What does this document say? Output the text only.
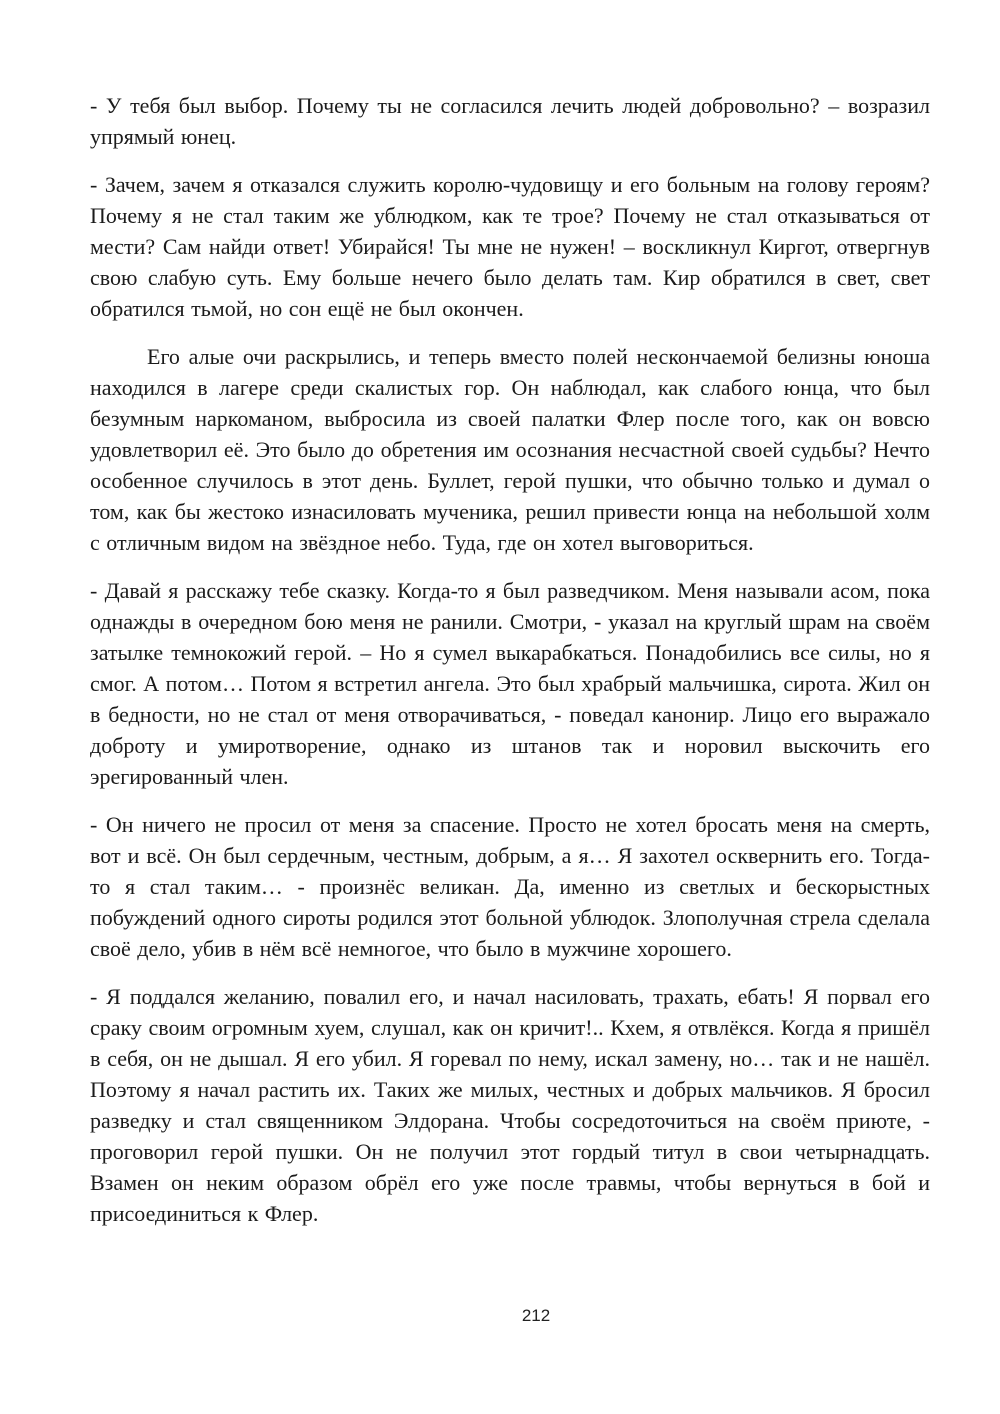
- У тебя был выбор. Почему ты не согласился лечить людей добровольно? – возразил упрямый юнец.

- Зачем, зачем я отказался служить королю-чудовищу и его больным на голову героям? Почему я не стал таким же ублюдком, как те трое? Почему не стал отказываться от мести? Сам найди ответ! Убирайся! Ты мне не нужен! – воскликнул Киргот, отвергнув свою слабую суть. Ему больше нечего было делать там. Кир обратился в свет, свет обратился тьмой, но сон ещё не был окончен.

Его алые очи раскрылись, и теперь вместо полей нескончаемой белизны юноша находился в лагере среди скалистых гор. Он наблюдал, как слабого юнца, что был безумным наркоманом, выбросила из своей палатки Флер после того, как он вовсю удовлетворил её. Это было до обретения им осознания несчастной своей судьбы? Нечто особенное случилось в этот день. Буллет, герой пушки, что обычно только и думал о том, как бы жестоко изнасиловать мученика, решил привести юнца на небольшой холм с отличным видом на звёздное небо. Туда, где он хотел выговориться.

- Давай я расскажу тебе сказку. Когда-то я был разведчиком. Меня называли асом, пока однажды в очередном бою меня не ранили. Смотри, - указал на круглый шрам на своём затылке темнокожий герой. – Но я сумел выкарабкаться. Понадобились все силы, но я смог. А потом… Потом я встретил ангела. Это был храбрый мальчишка, сирота. Жил он в бедности, но не стал от меня отворачиваться, - поведал канонир. Лицо его выражало доброту и умиротворение, однако из штанов так и норовил выскочить его эрегированный член.

- Он ничего не просил от меня за спасение. Просто не хотел бросать меня на смерть, вот и всё. Он был сердечным, честным, добрым, а я… Я захотел осквернить его. Тогда-то я стал таким… - произнёс великан. Да, именно из светлых и бескорыстных побуждений одного сироты родился этот больной ублюдок. Злополучная стрела сделала своё дело, убив в нём всё немногое, что было в мужчине хорошего.

- Я поддался желанию, повалил его, и начал насиловать, трахать, ебать! Я порвал его сраку своим огромным хуем, слушал, как он кричит!.. Кхем, я отвлёкся. Когда я пришёл в себя, он не дышал. Я его убил. Я горевал по нему, искал замену, но… так и не нашёл. Поэтому я начал растить их. Таких же милых, честных и добрых мальчиков. Я бросил разведку и стал священником Элдорана. Чтобы сосредоточиться на своём приюте, - проговорил герой пушки. Он не получил этот гордый титул в свои четырнадцать. Взамен он неким образом обрёл его уже после травмы, чтобы вернуться в бой и присоединиться к Флер.

212
